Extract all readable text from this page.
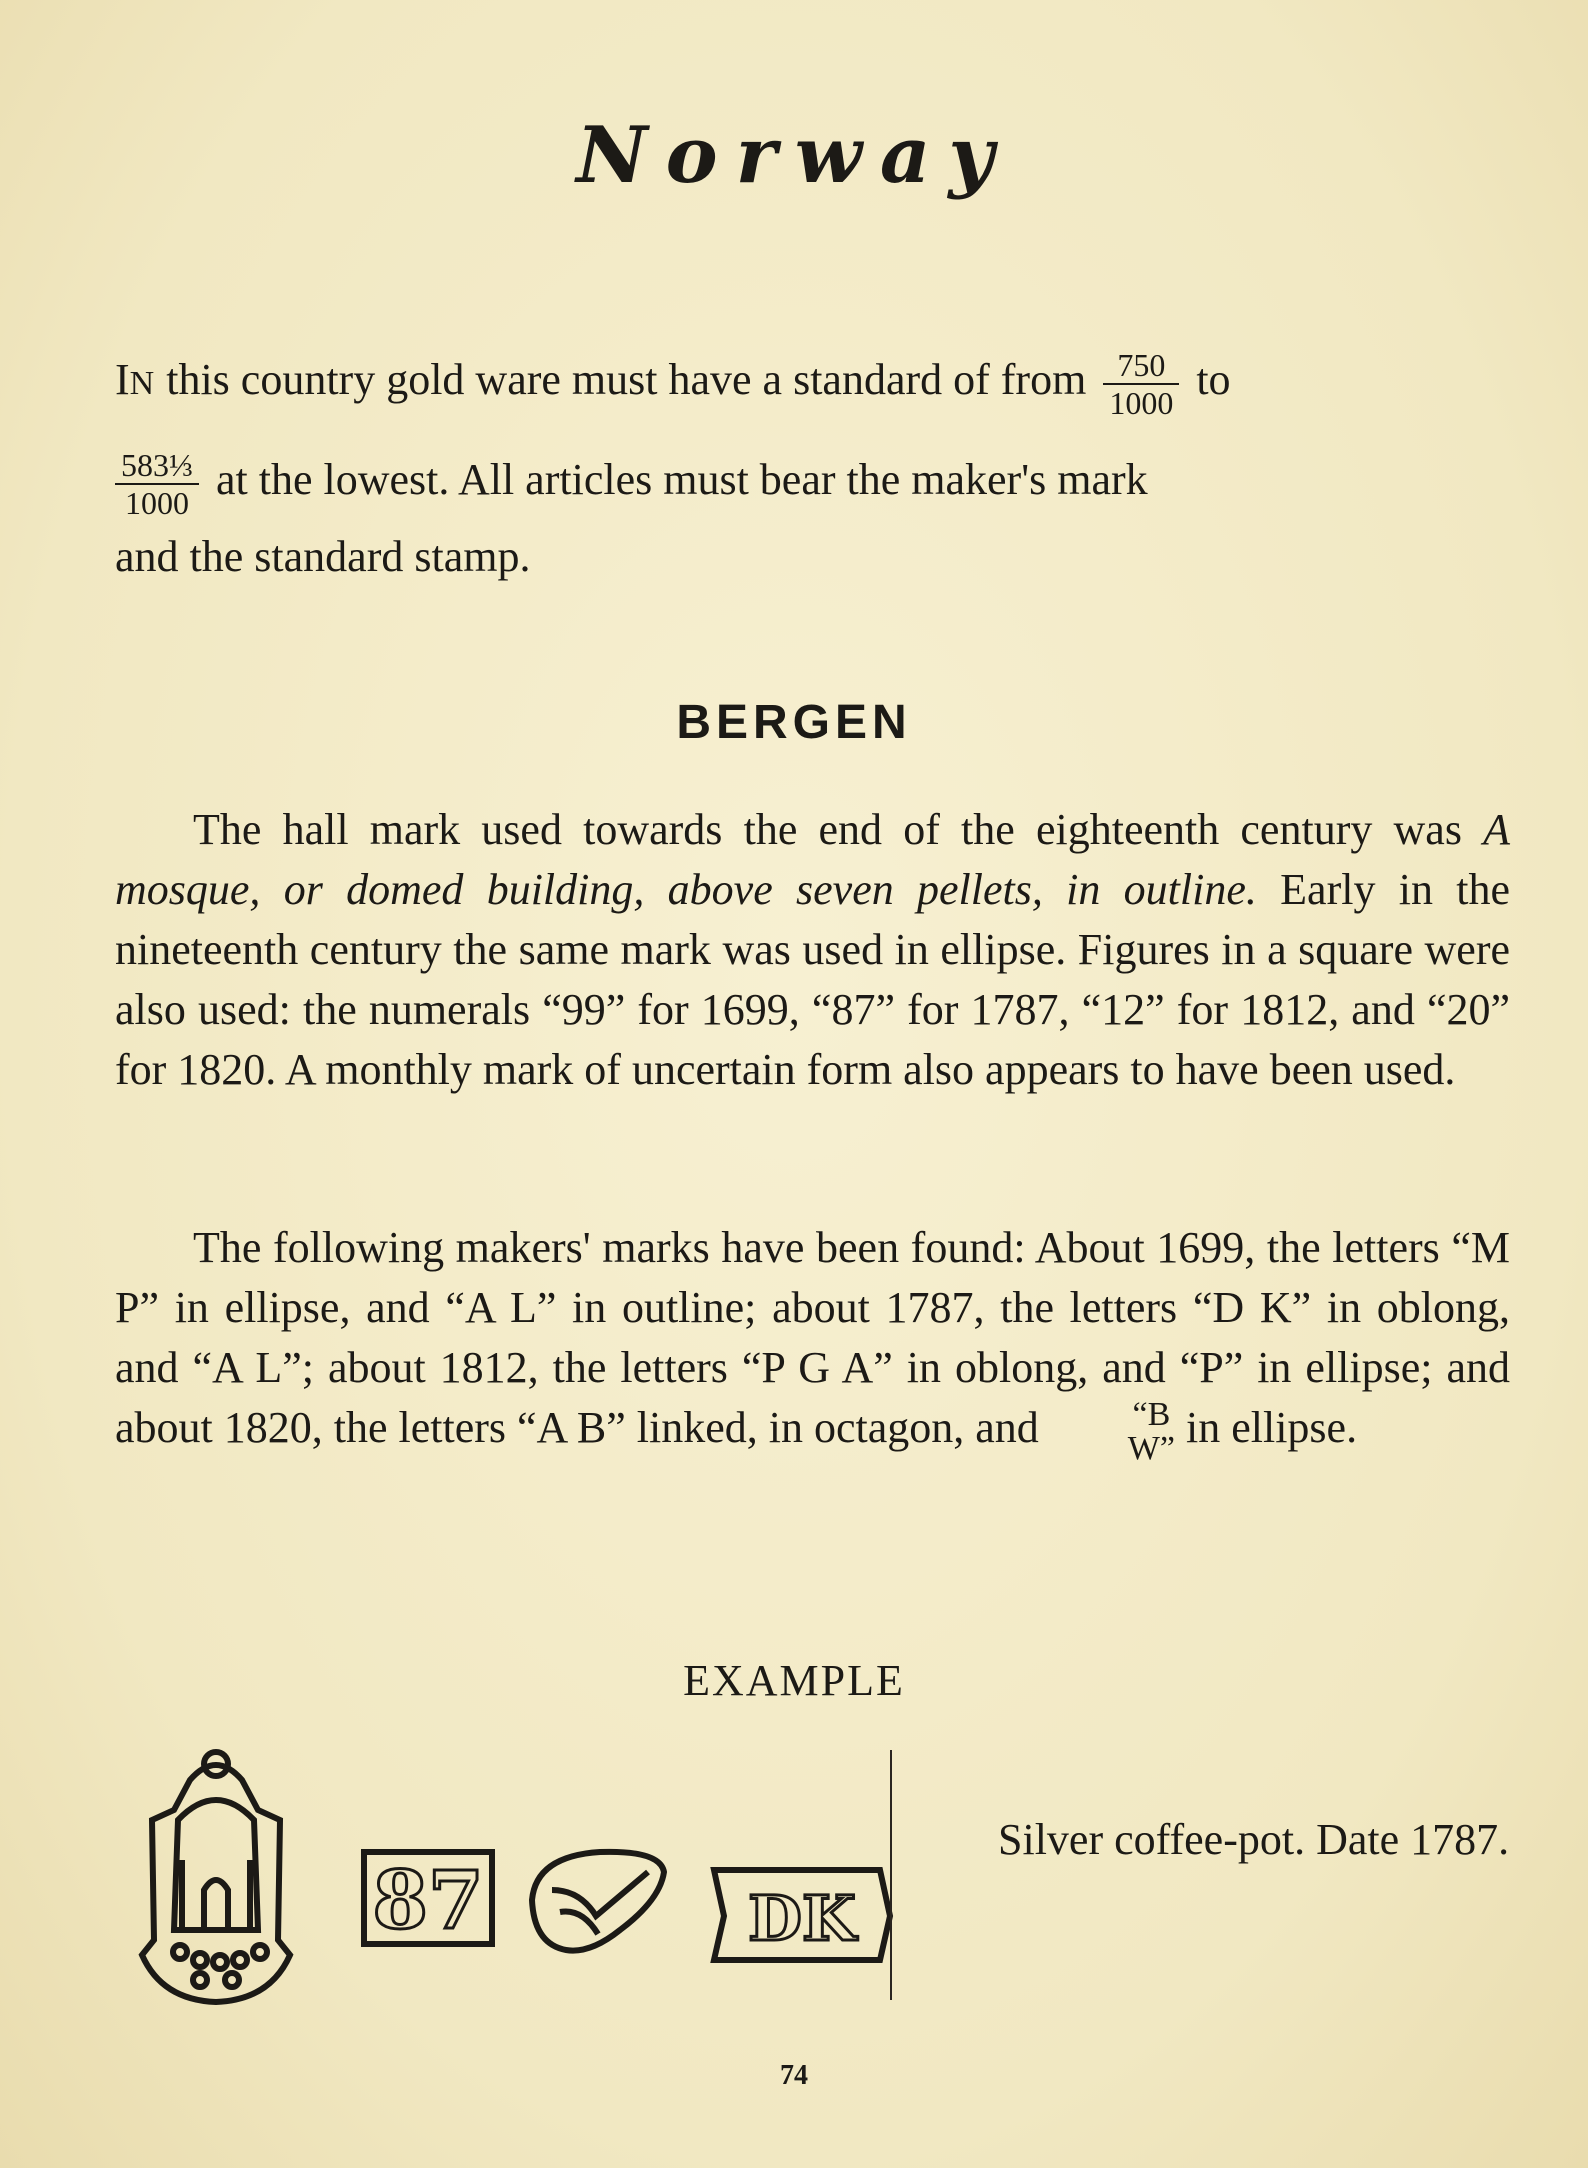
Norway
IN this country gold ware must have a standard of from $\frac{750}{1000}$ to

$\frac{\text{583⅓}}{1000}$ at the lowest. All articles must bear the maker's mark
and the standard stamp.
BERGEN
The hall mark used towards the end of the eighteenth century was A mosque, or domed building, above seven pellets, in outline. Early in the nineteenth century the same mark was used in ellipse. Figures in a square were also used: the numerals “99” for 1699, “87” for 1787, “12” for 1812, and “20” for 1820. A monthly mark of uncertain form also appears to have been used.
The following makers' marks have been found: About 1699, the letters “M P” in ellipse, and “A L” in outline; about 1787, the letters “D K” in oblong, and “A L”; about 1812, the letters “P G A” in oblong, and “P” in ellipse; and about 1820, the letters “A B” linked, in octagon, and	“B
W” in ellipse.
EXAMPLE
87	DK
Silver coffee-pot. Date 1787.
74
